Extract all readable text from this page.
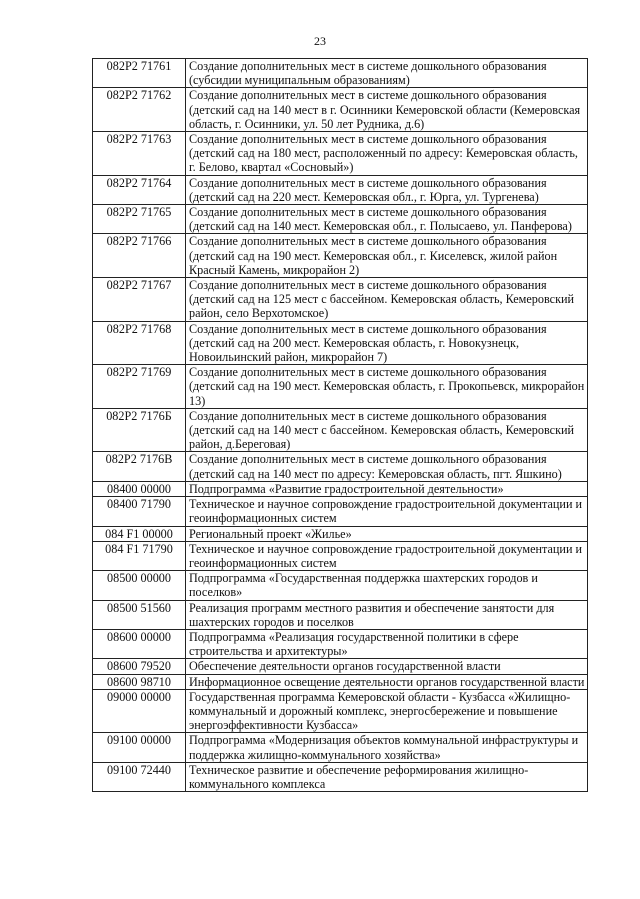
23
082P2 71761	Создание дополнительных мест в системе дошкольного образования (субсидии муниципальным образованиям)
082P2 71762	Создание дополнительных мест в системе дошкольного образования (детский сад на 140 мест в г. Осинники Кемеровской области (Кемеровская область, г. Осинники, ул. 50 лет Рудника, д.6)
082P2 71763	Создание дополнительных мест в системе дошкольного образования (детский сад на 180 мест, расположенный по адресу: Кемеровская область, г. Белово, квартал «Сосновый»)
082P2 71764	Создание дополнительных мест в системе дошкольного образования (детский сад на 220 мест. Кемеровская обл., г. Юрга, ул. Тургенева)
082P2 71765	Создание дополнительных мест в системе дошкольного образования (детский сад на 140 мест. Кемеровская обл., г. Полысаево, ул. Панферова)
082P2 71766	Создание дополнительных мест в системе дошкольного образования (детский сад на 190 мест. Кемеровская обл., г. Киселевск, жилой район Красный Камень, микрорайон 2)
082P2 71767	Создание дополнительных мест в системе дошкольного образования (детский сад на 125 мест с бассейном. Кемеровская область, Кемеровский район, село Верхотомское)
082P2 71768	Создание дополнительных мест в системе дошкольного образования (детский сад на 200 мест. Кемеровская область, г. Новокузнецк, Новоильинский район, микрорайон 7)
082P2 71769	Создание дополнительных мест в системе дошкольного образования (детский сад на 190 мест. Кемеровская область, г. Прокопьевск, микрорайон 13)
082P2 7176Б	Создание дополнительных мест в системе дошкольного образования (детский сад на 140 мест с бассейном. Кемеровская область, Кемеровский район, д.Береговая)
082P2 7176В	Создание дополнительных мест в системе дошкольного образования (детский сад на 140 мест по адресу: Кемеровская область, пгт. Яшкино)
08400 00000	Подпрограмма «Развитие градостроительной деятельности»
08400 71790	Техническое и научное сопровождение градостроительной документации и геоинформационных систем
084 F1 00000	Региональный проект «Жилье»
084 F1 71790	Техническое и научное сопровождение градостроительной документации и геоинформационных систем
08500 00000	Подпрограмма «Государственная поддержка шахтерских городов и поселков»
08500 51560	Реализация программ местного развития и обеспечение занятости для шахтерских городов и поселков
08600 00000	Подпрограмма «Реализация государственной политики в сфере строительства и архитектуры»
08600 79520	Обеспечение деятельности органов государственной власти
08600 98710	Информационное освещение деятельности органов государственной власти
09000 00000	Государственная программа Кемеровской области - Кузбасса «Жилищно-коммунальный и дорожный комплекс, энергосбережение и повышение энергоэффективности Кузбасса»
09100 00000	Подпрограмма «Модернизация объектов коммунальной инфраструктуры и поддержка жилищно-коммунального хозяйства»
09100 72440	Техническое развитие и обеспечение реформирования жилищно-коммунального комплекса
